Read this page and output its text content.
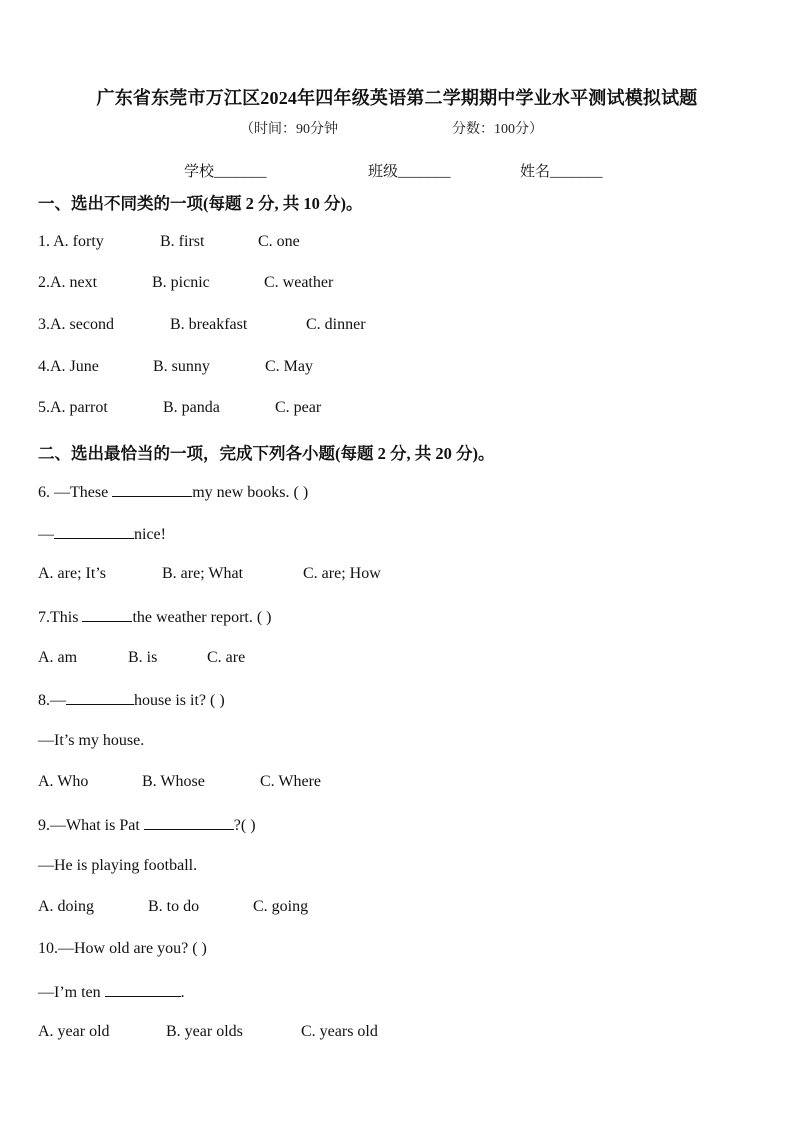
广东省东莞市万江区2024年四年级英语第二学期期中学业水平测试模拟试题
（时间：90分钟	分数：100分）
学校_______	班级_______	姓名_______
一、选出不同类的一项(每题 2 分, 共 10 分)。
1. A. forty	B. first	C. one
2.A. next	B. picnic	C. weather
3.A. second	B. breakfast	C. dinner
4.A. June	B. sunny	C. May
5.A. parrot	B. panda	C. pear
二、选出最恰当的一项，完成下列各小题(每题 2 分, 共 20 分)。
6. —These	my new books. ( )
—	nice!
A. are; It’s	B. are; What	C. are; How
7.This	the weather report. ( )
A. am	B. is	C. are
8.—	house is it? ( )
—It’s my house.
A. Who	B. Whose	C. Where
9.—What is Pat	?( )
—He is playing football.
A. doing	B. to do	C. going
10.—How old are you? ( )
—I’m ten	.
A. year old	B. year olds	C. years old
